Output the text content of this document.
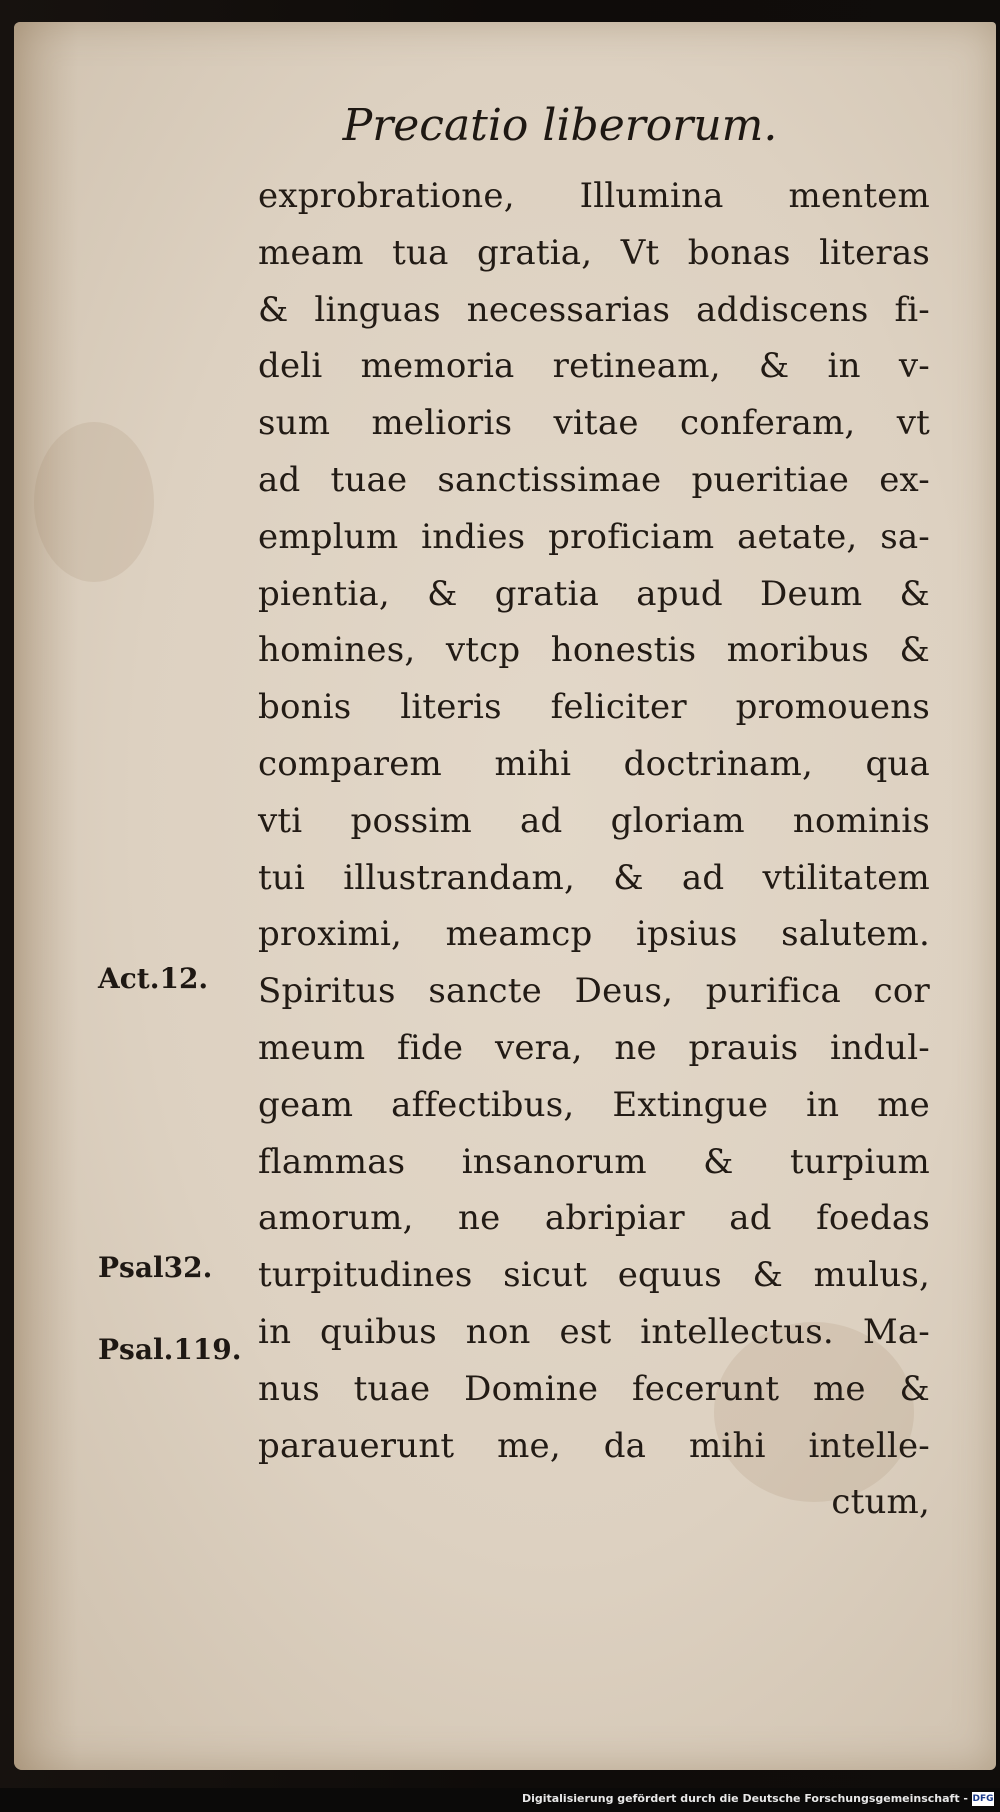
Precatio liberorum.
exprobratione, Illumina mentem
meam tua gratia, Vt bonas literas
& linguas necessarias addiscens fi-
deli memoria retineam, & in v-
sum melioris vitae conferam, vt
ad tuae sanctissimae pueritiae ex-
emplum indies proficiam aetate, sa-
pientia, & gratia apud Deum &
homines, vtcp honestis moribus &
bonis literis feliciter promouens
comparem mihi doctrinam, qua
vti possim ad gloriam nominis
tui illustrandam, & ad vtilitatem
proximi, meamcp ipsius salutem.
Spiritus sancte Deus, purifica cor
meum fide vera, ne prauis indul-
geam affectibus, Extingue in me
flammas insanorum & turpium
amorum, ne abripiar ad foedas
turpitudines sicut equus & mulus,
in quibus non est intellectus. Ma-
nus tuae Domine fecerunt me &
parauerunt me, da mihi intelle-
ctum,
Act.12.
Psal32.
Psal.119.
Digitalisierung gefördert durch die Deutsche Forschungsgemeinschaft - DFG
